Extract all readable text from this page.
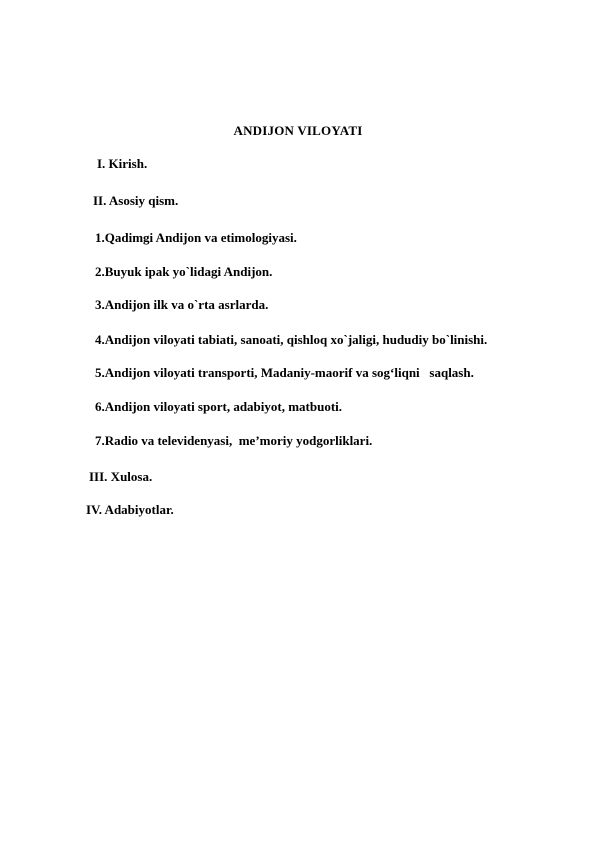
ANDIJON VILOYATI
I. Kirish.
II. Asosiy qism.
1.Qadimgi Andijon va etimologiyasi.
2.Buyuk ipak yo`lidagi Andijon.
3.Andijon ilk va o`rta asrlarda.
4.Andijon viloyati tabiati, sanoati, qishloq xo`jaligi, hududiy bo`linishi.
5.Andijon viloyati transporti, Madaniy-maorif va sog‘liqni   saqlash.
6.Andijon viloyati sport, adabiyot, matbuoti.
7.Radio va televidenyasi,  me’moriy yodgorliklari.
III. Xulosa.
IV. Adabiyotlar.
